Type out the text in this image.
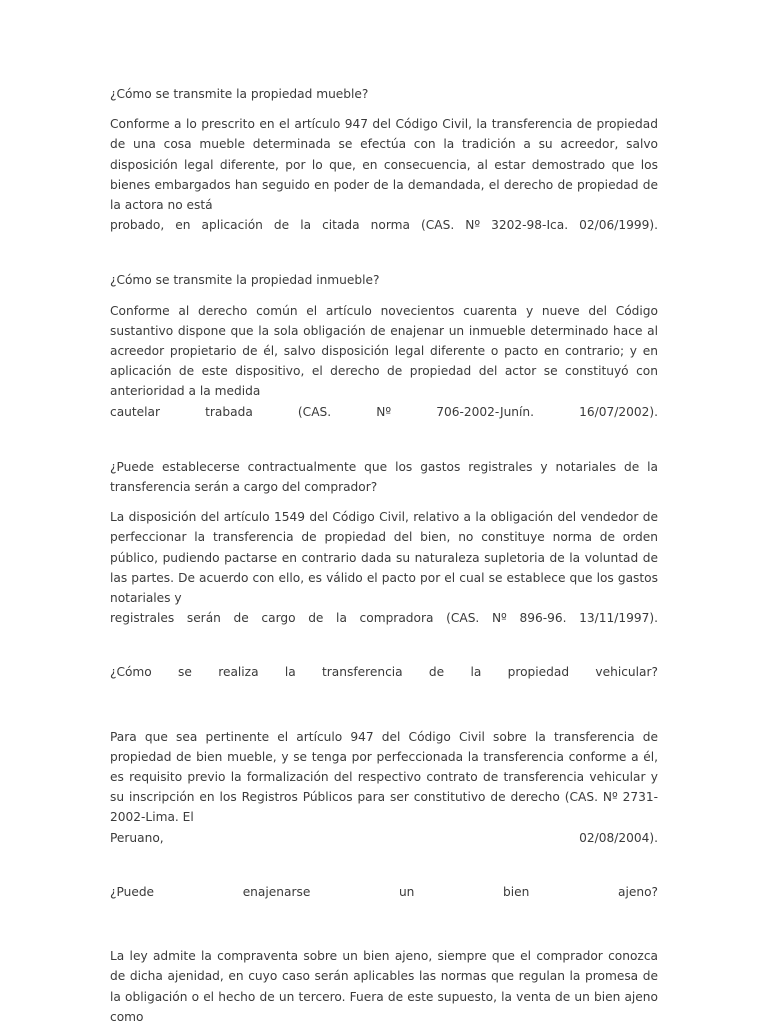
¿Cómo se transmite la propiedad mueble?

Conforme a lo prescrito en el artículo 947 del Código Civil, la transferencia de propiedad de una cosa mueble determinada se efectúa con la tradición a su acreedor, salvo disposición legal diferente, por lo que, en consecuencia, al estar demostrado que los bienes embargados han seguido en poder de la demandada, el derecho de propiedad de la actora no está
probado, en aplicación de la citada norma (CAS. Nº 3202-98-Ica. 02/06/1999).

¿Cómo se transmite la propiedad inmueble?

Conforme al derecho común el artículo novecientos cuarenta y nueve del Código sustantivo dispone que la sola obligación de enajenar un inmueble determinado hace al acreedor propietario de él, salvo disposición legal diferente o pacto en contrario; y en aplicación de este dispositivo, el derecho de propiedad del actor se constituyó con anterioridad a la medida
cautelar trabada (CAS. Nº 706-2002-Junín. 16/07/2002).

¿Puede establecerse contractualmente que los gastos registrales y notariales de la transferencia serán a cargo del comprador?

La disposición del artículo 1549 del Código Civil, relativo a la obligación del vendedor de perfeccionar la transferencia de propiedad del bien, no constituye norma de orden público, pudiendo pactarse en contrario dada su naturaleza supletoria de la voluntad de las partes. De acuerdo con ello, es válido el pacto por el cual se establece que los gastos notariales y
registrales serán de cargo de la compradora (CAS. Nº 896-96. 13/11/1997).

¿Cómo se realiza la transferencia de la propiedad vehicular?

Para que sea pertinente el artículo 947 del Código Civil sobre la transferencia de propiedad de bien mueble, y se tenga por perfeccionada la transferencia conforme a él, es requisito previo la formalización del respectivo contrato de transferencia vehicular y su inscripción en los Registros Públicos para ser constitutivo de derecho (CAS. Nº 2731-2002-Lima. El
Peruano, 02/08/2004).

¿Puede enajenarse un bien ajeno?

La ley admite la compraventa sobre un bien ajeno, siempre que el comprador conozca de dicha ajenidad, en cuyo caso serán aplicables las normas que regulan la promesa de la obligación o el hecho de un tercero. Fuera de este supuesto, la venta de un bien ajeno como
